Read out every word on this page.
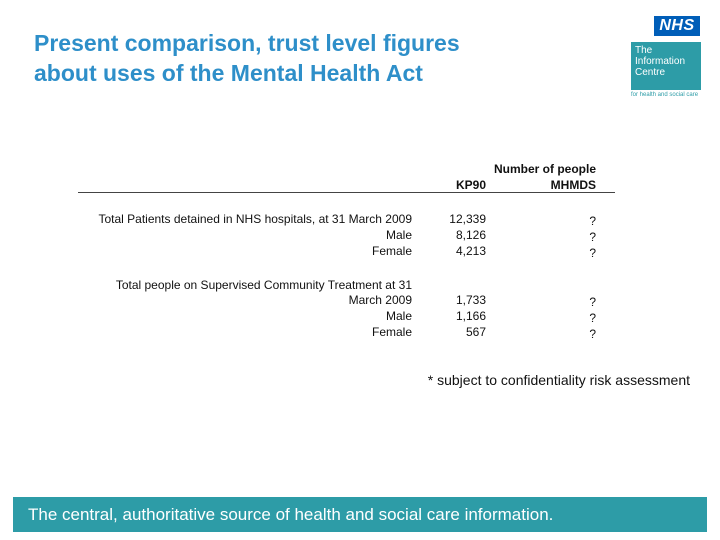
Present comparison, trust level figures
about uses of the Mental Health Act
NHS
The
Information
Centre
for health and social care
Number of people
KP90	MHMDS
Total Patients detained in NHS hospitals, at 31 March 2009	12,339	?
Male	8,126	?
Female	4,213	?
Total people on Supervised Community Treatment at 31
March 2009	1,733	?
Male	1,166	?
Female	567	?
* subject to confidentiality risk assessment
The central, authoritative source of health and social care information.
